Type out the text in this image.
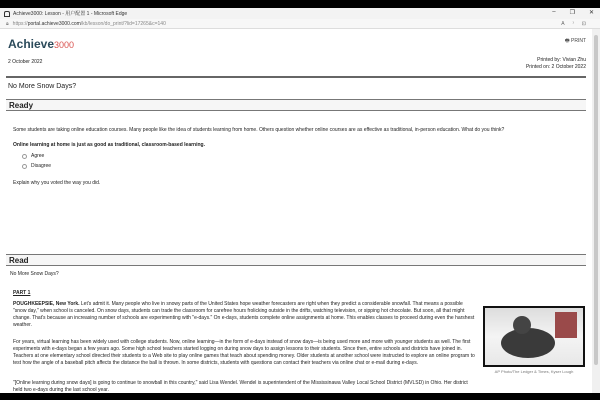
Achieve3000: Lesson - 用户配置 1 - Microsoft Edge	– ❐ ✕
🔒︎ https:// portal.achieve3000.com /kb/lesson/do_print/?lid=17265&c=140	A⁾⊡
Achieve3000	🖶 PRINT
2 October 2022	Printed by: Vivian Zhu
Printed on: 2 October 2022
No More Snow Days?
Ready
Some students are taking online education courses. Many people like the idea of students learning from home. Others question whether online courses are as effective as traditional, in-person education. What do you think?
Online learning at home is just as good as traditional, classroom-based learning.
Agree
Disagree
Explain why you voted the way you did.
Read
No More Snow Days?
PART 1
POUGHKEEPSIE, New York. Let's admit it. Many people who live in snowy parts of the United States hope weather forecasters are right when they predict a considerable snowfall. That means a possible "snow day," when school is canceled. On snow days, students can trade the classroom for carefree hours frolicking outside in the drifts, watching television, or sipping hot chocolate. But soon, all that might change. That's because an increasing number of schools are experimenting with "e-days." On e-days, students complete online assignments at home. This enables classes to proceed during even the harshest weather.
For years, virtual learning has been widely used with college students. Now, online learning—in the form of e-days instead of snow days—is being used more and more with younger students as well. The first experiments with e-days began a few years ago. Some high school teachers started logging on during snow days to assign lessons to their students. Since then, entire schools and districts have joined in. Teachers at one elementary school directed their students to a Web site to play online games that teach about spending money. Older students at another school were instructed to explore an online program to test how the angle of a baseball pitch affects the distance the ball is thrown. In some districts, students with questions can contact their teachers via online chat or e-mail during e-days.
"[Online learning during snow days] is going to continue to snowball in this country," said Lisa Wendel. Wendel is superintendent of the Mississinawa Valley Local School District (MVLSD) in Ohio. Her district held two e-days during the last school year.
AP Photo/The Ledger & Times, Kyser Lough
